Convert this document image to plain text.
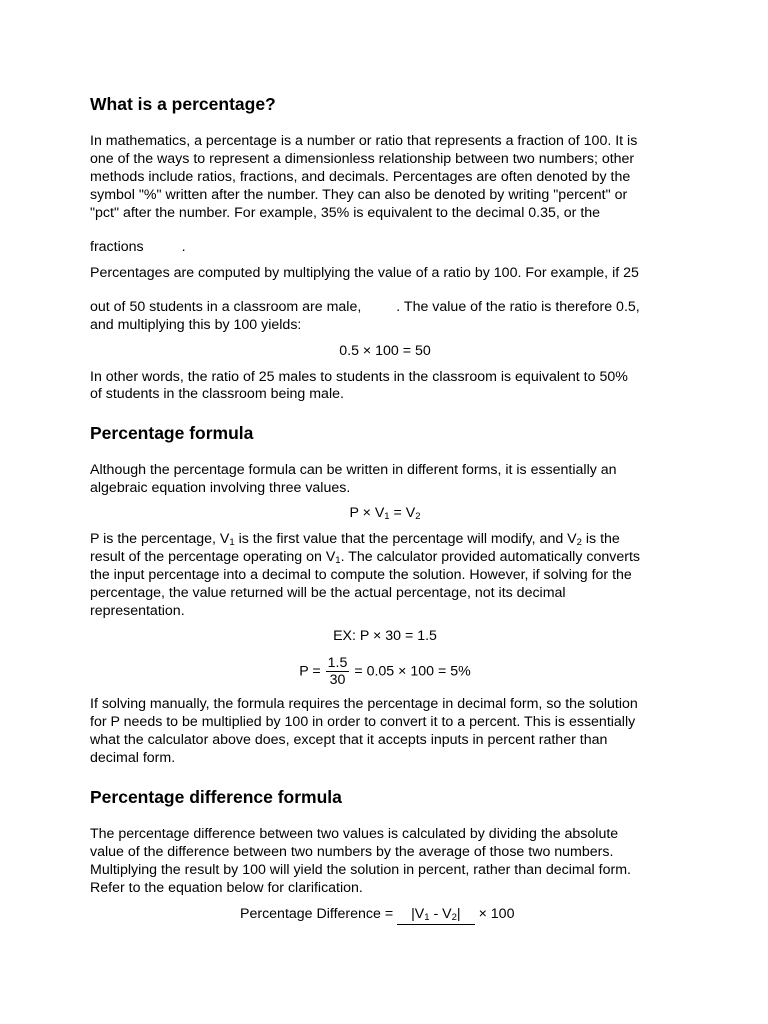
What is a percentage?
In mathematics, a percentage is a number or ratio that represents a fraction of 100. It is
one of the ways to represent a dimensionless relationship between two numbers; other
methods include ratios, fractions, and decimals. Percentages are often denoted by the
symbol "%" written after the number. They can also be denoted by writing "percent" or
"pct" after the number. For example, 35% is equivalent to the decimal 0.35, or the
fractions	.
Percentages are computed by multiplying the value of a ratio by 100. For example, if 25
out of 50 students in a classroom are male, . The value of the ratio is therefore 0.5,
and multiplying this by 100 yields:
0.5 × 100 = 50
In other words, the ratio of 25 males to students in the classroom is equivalent to 50%
of students in the classroom being male.
Percentage formula
Although the percentage formula can be written in different forms, it is essentially an
algebraic equation involving three values.
$P \times V_1 = V_2$
P is the percentage, $V_1$ is the first value that the percentage will modify, and $V_2$ is the
result of the percentage operating on $V_1$. The calculator provided automatically converts
the input percentage into a decimal to compute the solution. However, if solving for the
percentage, the value returned will be the actual percentage, not its decimal
representation.
EX: P × 30 = 1.5
$P = \frac{1.5}{30} = 0.05 \times 100 = 5\%$
If solving manually, the formula requires the percentage in decimal form, so the solution
for P needs to be multiplied by 100 in order to convert it to a percent. This is essentially
what the calculator above does, except that it accepts inputs in percent rather than
decimal form.
Percentage difference formula
The percentage difference between two values is calculated by dividing the absolute
value of the difference between two numbers by the average of those two numbers.
Multiplying the result by 100 will yield the solution in percent, rather than decimal form.
Refer to the equation below for clarification.
Percentage Difference = $|V_1 - V_2| \times 100$
